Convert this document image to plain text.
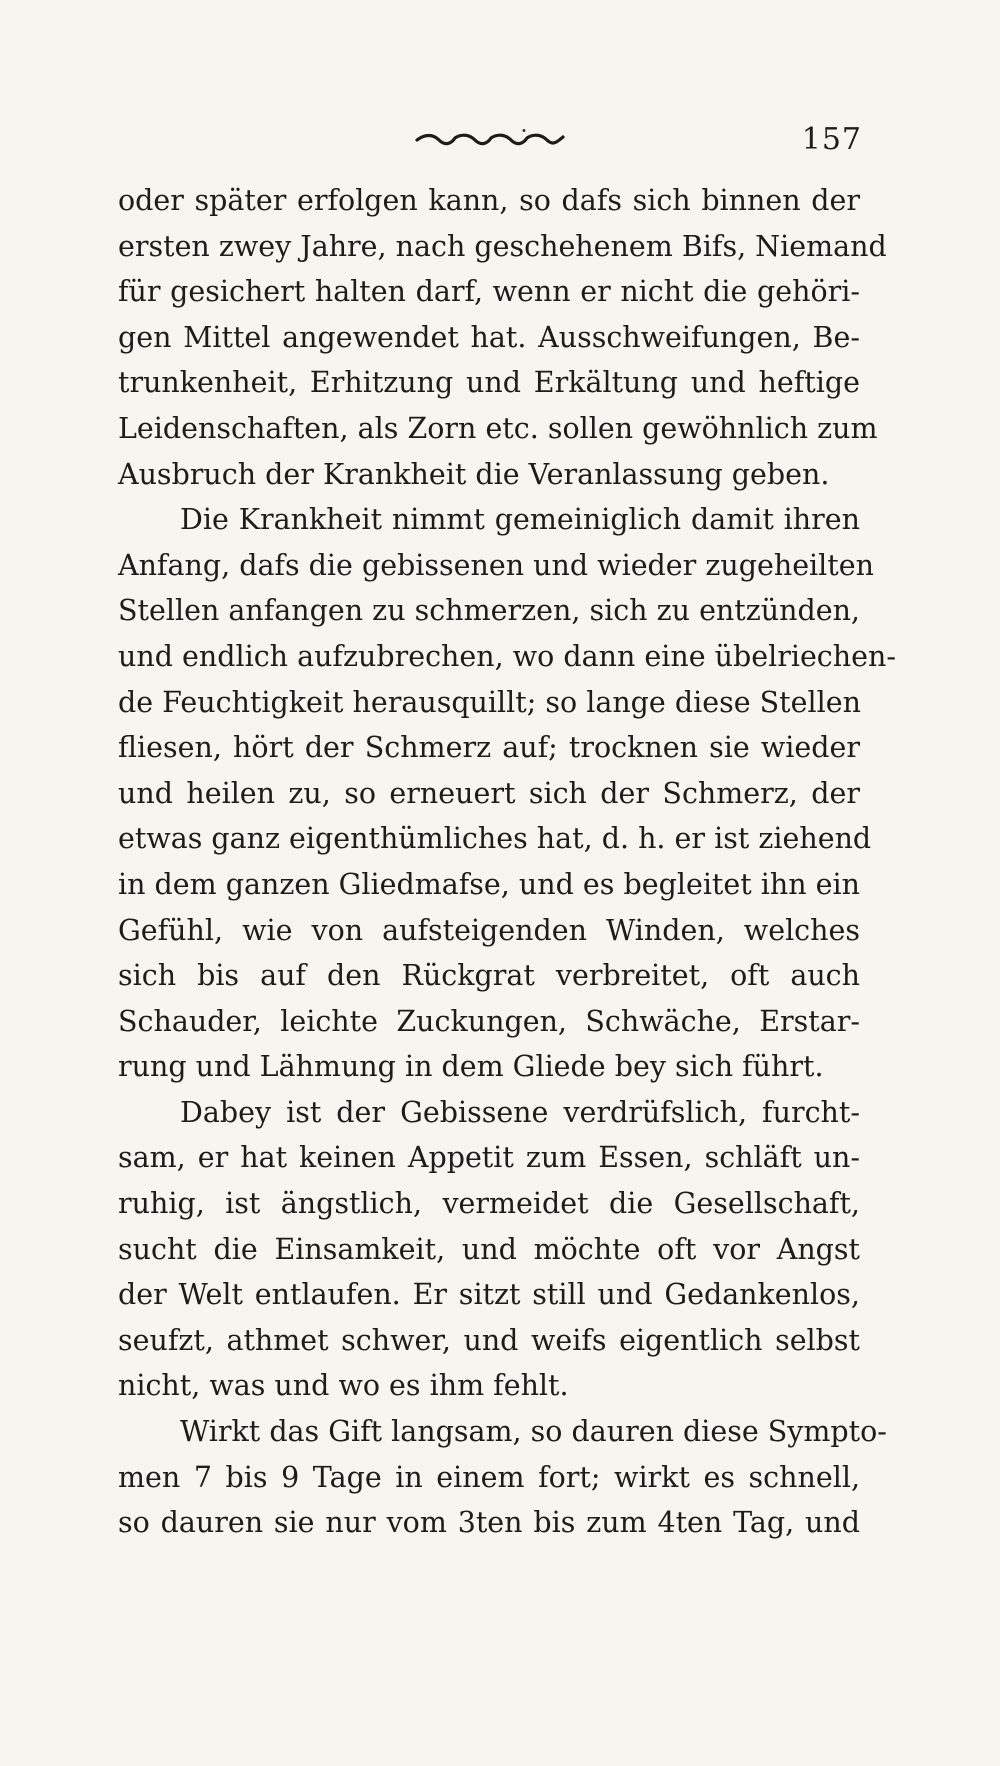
157
oder später erfolgen kann, so dafs sich binnen der
ersten zwey Jahre, nach geschehenem Bifs, Niemand
für gesichert halten darf, wenn er nicht die gehöri-
gen Mittel angewendet hat. Ausschweifungen, Be-
trunkenheit, Erhitzung und Erkältung und heftige
Leidenschaften, als Zorn etc. sollen gewöhnlich zum
Ausbruch der Krankheit die Veranlassung geben.
Die Krankheit nimmt gemeiniglich damit ihren
Anfang, dafs die gebissenen und wieder zugeheilten
Stellen anfangen zu schmerzen, sich zu entzünden,
und endlich aufzubrechen, wo dann eine übelriechen-
de Feuchtigkeit herausquillt; so lange diese Stellen
fliesen, hört der Schmerz auf; trocknen sie wieder
und heilen zu, so erneuert sich der Schmerz, der
etwas ganz eigenthümliches hat, d. h. er ist ziehend
in dem ganzen Gliedmafse, und es begleitet ihn ein
Gefühl, wie von aufsteigenden Winden, welches
sich bis auf den Rückgrat verbreitet, oft auch
Schauder, leichte Zuckungen, Schwäche, Erstar-
rung und Lähmung in dem Gliede bey sich führt.
Dabey ist der Gebissene verdrüfslich, furcht-
sam, er hat keinen Appetit zum Essen, schläft un-
ruhig, ist ängstlich, vermeidet die Gesellschaft,
sucht die Einsamkeit, und möchte oft vor Angst
der Welt entlaufen. Er sitzt still und Gedankenlos,
seufzt, athmet schwer, und weifs eigentlich selbst
nicht, was und wo es ihm fehlt.
Wirkt das Gift langsam, so dauren diese Sympto-
men 7 bis 9 Tage in einem fort; wirkt es schnell,
so dauren sie nur vom 3ten bis zum 4ten Tag, und
